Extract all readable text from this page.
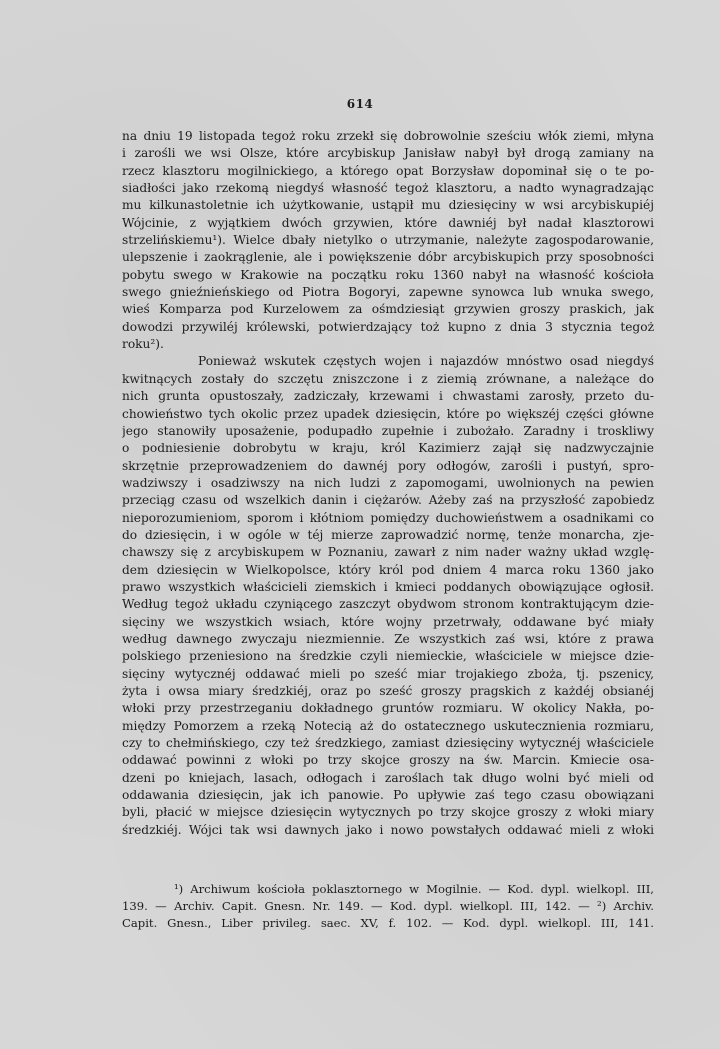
614
na dniu 19 listopada tegoż roku zrzekł się dobrowolnie sześciu włók ziemi, młyna
i zarośli we wsi Olsze, które arcybiskup Janisław nabył był drogą zamiany na
rzecz klasztoru mogilnickiego, a którego opat Borzysław dopominał się o te po-
siadłości jako rzekomą niegdyś własność tegoż klasztoru, a nadto wynagradzając
mu kilkunastoletnie ich użytkowanie, ustąpił mu dziesięciny w wsi arcybiskupiéj
Wójcinie, z wyjątkiem dwóch grzywien, które dawniéj był nadał klasztorowi
strzelińskiemu¹). Wielce dbały nietylko o utrzymanie, należyte zagospodarowanie,
ulepszenie i zaokrąglenie, ale i powiększenie dóbr arcybiskupich przy sposobności
pobytu swego w Krakowie na początku roku 1360 nabył na własność kościoła
swego gnieźnieńskiego od Piotra Bogoryi, zapewne synowca lub wnuka swego,
wieś Komparza pod Kurzelowem za ośmdziesiąt grzywien groszy praskich, jak
dowodzi przywiléj królewski, potwierdzający toż kupno z dnia 3 stycznia tegoż
roku²).
Ponieważ wskutek częstych wojen i najazdów mnóstwo osad niegdyś
kwitnących zostały do szczętu zniszczone i z ziemią zrównane, a należące do
nich grunta opustoszały, zadziczały, krzewami i chwastami zarosły, przeto du-
chowieństwo tych okolic przez upadek dziesięcin, które po większéj części główne
jego stanowiły uposażenie, podupadło zupełnie i zubożało. Zaradny i troskliwy
o podniesienie dobrobytu w kraju, król Kazimierz zajął się nadzwyczajnie
skrzętnie przeprowadzeniem do dawnéj pory odłogów, zarośli i pustyń, spro-
wadziwszy i osadziwszy na nich ludzi z zapomogami, uwolnionych na pewien
przeciąg czasu od wszelkich danin i ciężarów. Ażeby zaś na przyszłość zapobiedz
nieporozumieniom, sporom i kłótniom pomiędzy duchowieństwem a osadnikami co
do dziesięcin, i w ogóle w téj mierze zaprowadzić normę, tenże monarcha, zje-
chawszy się z arcybiskupem w Poznaniu, zawarł z nim nader ważny układ wzglę-
dem dziesięcin w Wielkopolsce, który król pod dniem 4 marca roku 1360 jako
prawo wszystkich właścicieli ziemskich i kmieci poddanych obowiązujące ogłosił.
Według tegoż układu czyniącego zaszczyt obydwom stronom kontraktującym dzie-
sięciny we wszystkich wsiach, które wojny przetrwały, oddawane być miały
według dawnego zwyczaju niezmiennie. Ze wszystkich zaś wsi, które z prawa
polskiego przeniesiono na średzkie czyli niemieckie, właściciele w miejsce dzie-
sięciny wytycznéj oddawać mieli po sześć miar trojakiego zboża, tj. pszenicy,
żyta i owsa miary średzkiéj, oraz po sześć groszy pragskich z każdéj obsianéj
włoki przy przestrzeganiu dokładnego gruntów rozmiaru. W okolicy Nakła, po-
między Pomorzem a rzeką Notecią aż do ostatecznego uskutecznienia rozmiaru,
czy to chełmińskiego, czy też średzkiego, zamiast dziesięciny wytycznéj właściciele
oddawać powinni z włoki po trzy skojce groszy na św. Marcin. Kmiecie osa-
dzeni po kniejach, lasach, odłogach i zaroślach tak długo wolni być mieli od
oddawania dziesięcin, jak ich panowie. Po upływie zaś tego czasu obowiązani
byli, płacić w miejsce dziesięcin wytycznych po trzy skojce groszy z włoki miary
średzkiéj. Wójci tak wsi dawnych jako i nowo powstałych oddawać mieli z włoki
¹) Archiwum kościoła poklasztornego w Mogilnie. — Kod. dypl. wielkopl. III,
139. — Archiv. Capit. Gnesn. Nr. 149. — Kod. dypl. wielkopl. III, 142. — ²) Archiv.
Capit. Gnesn., Liber privileg. saec. XV, f. 102. — Kod. dypl. wielkopl. III, 141.
